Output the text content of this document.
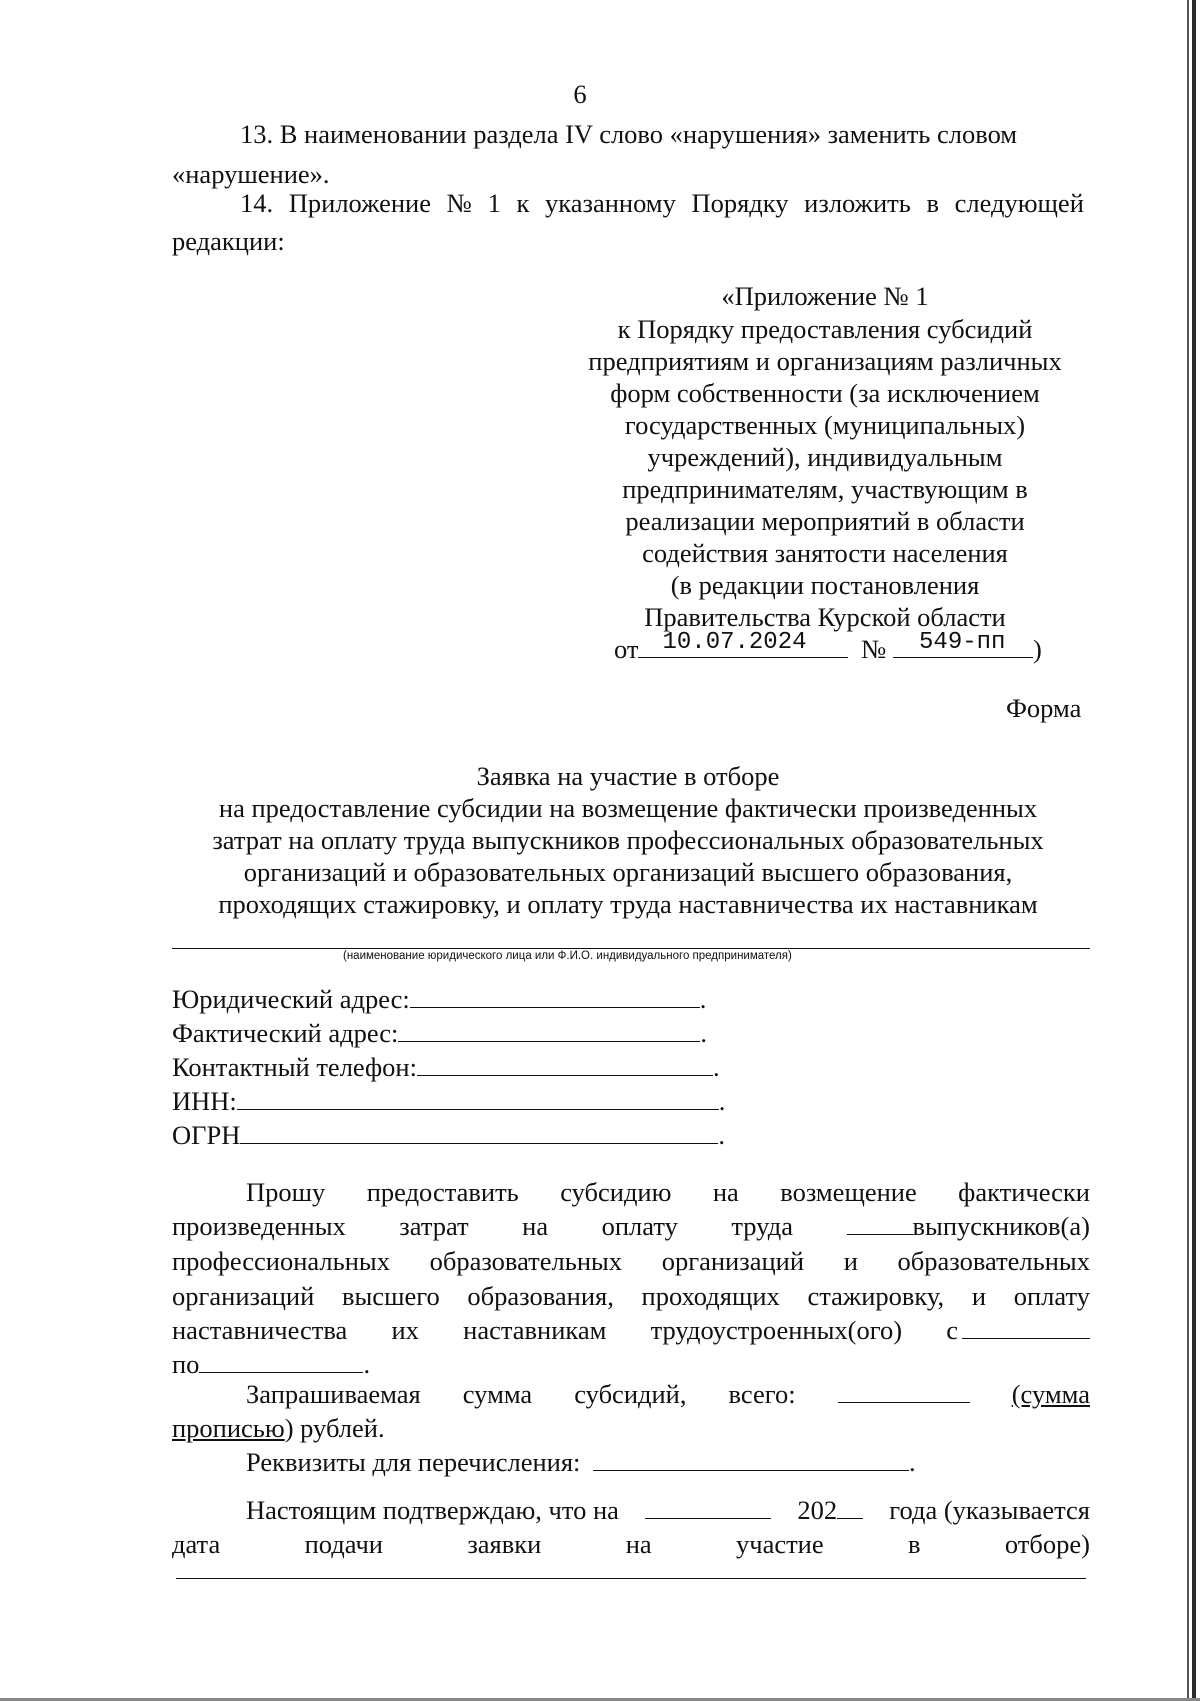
6
13. В наименовании раздела IV слово «нарушения» заменить словом
«нарушение».
14. Приложение № 1 к указанному Порядку изложить в следующей
редакции:
«Приложение № 1
к Порядку предоставления субсидий
предприятиям и организациям различных
форм собственности (за исключением
государственных (муниципальных)
учреждений), индивидуальным
предпринимателям, участвующим в
реализации мероприятий в области
содействия занятости населения
(в редакции постановления
Правительства Курской области
от 10.07.2024 № 549-пп )
Форма
Заявка на участие в отборе
на предоставление субсидии на возмещение фактически произведенных
затрат на оплату труда выпускников профессиональных образовательных
организаций и образовательных организаций высшего образования,
проходящих стажировку, и оплату труда наставничества их наставникам
(наименование юридического лица или Ф.И.О. индивидуального предпринимателя)
Юридический адрес:	.
Фактический адрес:	.
Контактный телефон:	.
ИНН:	.
ОГРН	.
Прошу предоставить субсидию на возмещение фактически
произведенных затрат на оплату труда	выпускников(а)
профессиональных образовательных организаций и образовательных
организаций высшего образования, проходящих стажировку, и оплату
наставничества их наставникам трудоустроенных(ого) с
по	.
Запрашиваемая сумма субсидий, всего:	(сумма
прописью) рублей.
Реквизиты для перечисления:	.
Настоящим подтверждаю, что на	202	года (указывается
дата	подачи	заявки	на	участие	в	отборе)
